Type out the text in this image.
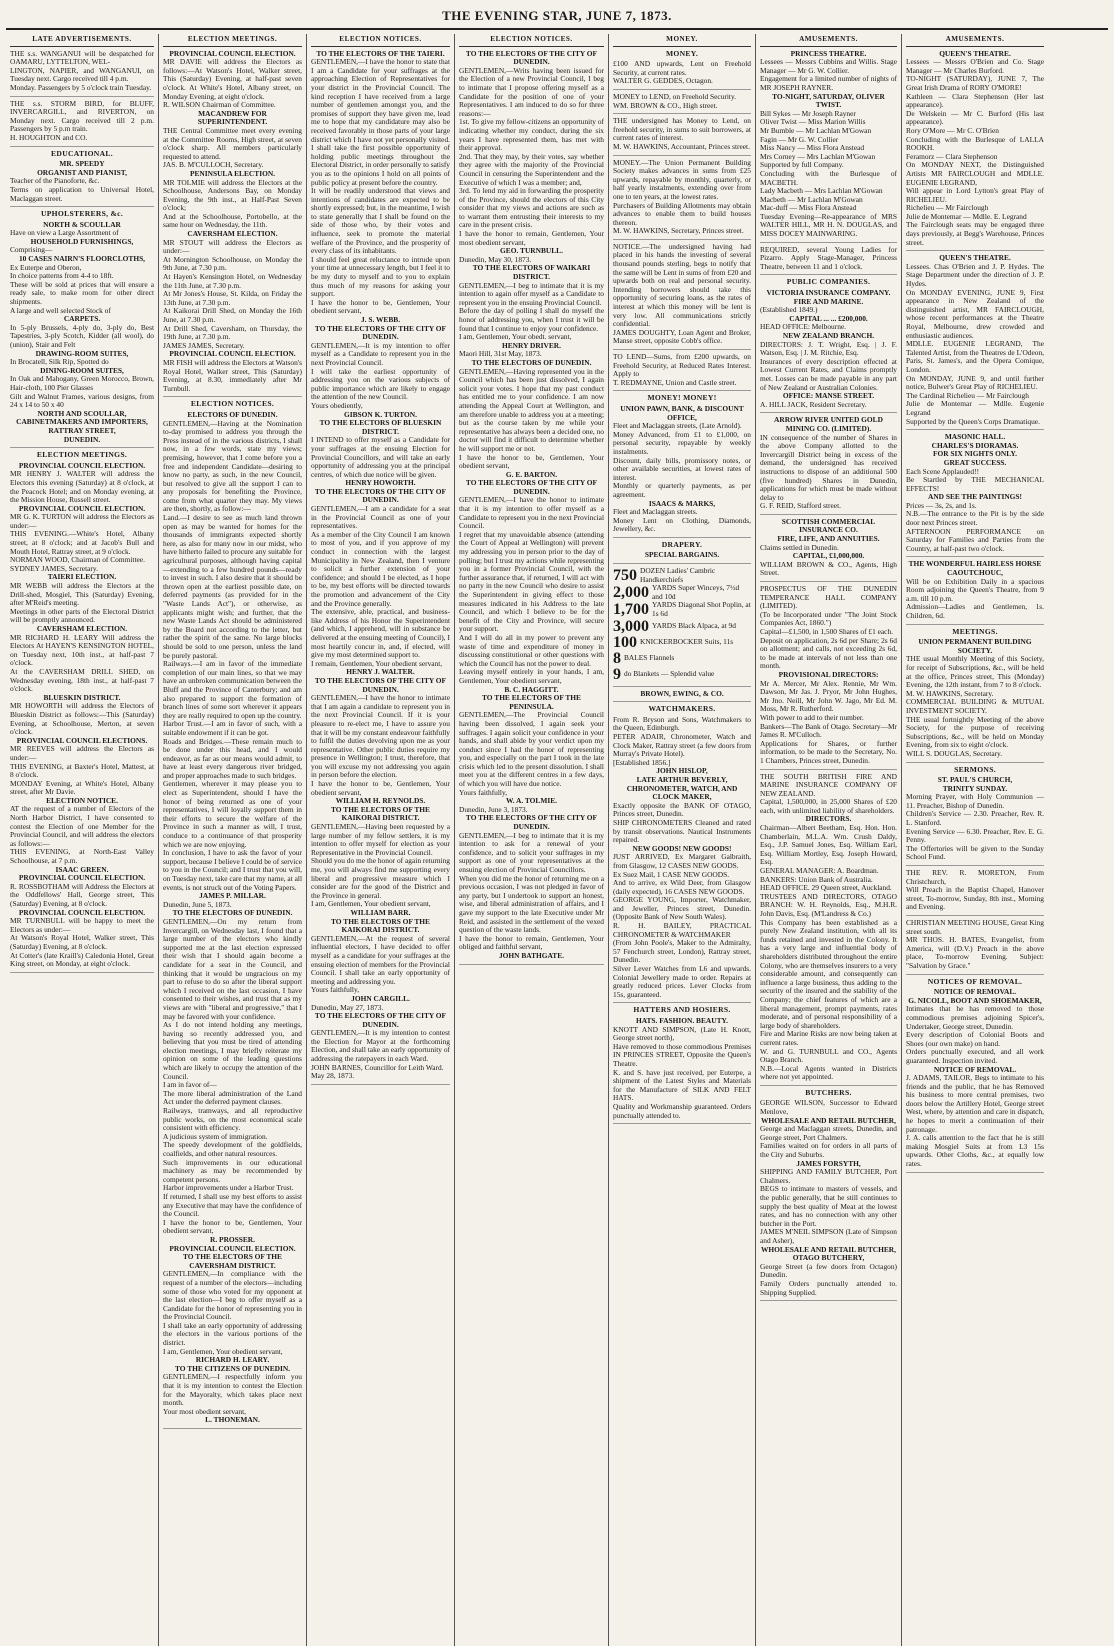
THE EVENING STAR, JUNE 7, 1873.
LATE ADVERTISEMENTS.
THE s.s. WANGANUI will be despatched for OAMARU, LYTTELTON, WEL-
LINGTON, NAPIER, and WANGANUI, on Tuesday next. Cargo received till 4 p.m.
Monday. Passengers by 5 o'clock train Tuesday.
THE s.s. STORM BIRD, for BLUFF, INVERCARGILL, and RIVERTON, on Monday next. Cargo received till 2 p.m. Passengers by 5 p.m train.
H. HOUGHTON and CO.
EDUCATIONAL.
MR. SPEEDY
ORGANIST AND PIANIST,
Teacher of the Pianoforte, &c.
Terms on application to Universal Hotel, Maclaggan street.
UPHOLSTERERS, &c.
NORTH & SCOULLAR
Have on view a Large Assortment of
HOUSEHOLD FURNISHINGS,
Comprising—
10 CASES NAIRN'S FLOORCLOTHS,
Ex Euterpe and Oberon,
In choice patterns from 4-4 to 18ft.
These will be sold at prices that will ensure a ready sale, to make room for other direct shipments.
A large and well selected Stock of
CARPETS.
In 5-ply Brussels, 4-ply do, 3-ply do, Best Tapestries, 3-ply Scotch, Kidder (all wool), do (union), Stair and Felt
DRAWING-ROOM SUITES,
In Brocatell, Silk Rip, Spotted do
DINING-ROOM SUITES,
In Oak and Mahogany, Green Morocco, Brown, Hair-cloth, 100 Pier Glasses
Gilt and Walnut Frames, various designs, from 24 x 14 to 50 x 40
NORTH AND SCOULLAR,
CABINETMAKERS AND IMPORTERS,
RATTRAY STREET,
DUNEDIN.
ELECTION MEETINGS.
PROVINCIAL COUNCIL ELECTION.
MR HENRY J. WALTER will address the Electors this evening (Saturday) at 8 o'clock, at the Peacock Hotel; and on Monday evening, at the Mission House, Russell street.
PROVINCIAL COUNCIL ELECTION.
MR G. K. TURTON will address the Electors as under:—
THIS EVENING.—White's Hotel, Albany street, at 8 o'clock; and at Jacob's Bull and Mouth Hotel, Rattray street, at 9 o'clock.
NORMAN WOOD, Chairman of Committee.
SYDNEY JAMES, Secretary.
TAIERI ELECTION.
MR WEBB will address the Electors at the Drill-shed, Mosgiel, This (Saturday) Evening, after M'Reid's meeting.
Meetings in other parts of the Electoral District will be promptly announced.
CAVERSHAM ELECTION.
MR RICHARD H. LEARY Will address the Electors At HAYEN'S KENSINGTON HOTEL, on Tuesday next, 10th inst., at half-past 7 o'clock.
At the CAVERSHAM DRILL SHED, on Wednesday evening, 18th inst., at half-past 7 o'clock.
BLUESKIN DISTRICT.
MR HOWORTH will address the Electors of Blueskin District as follows:—This (Saturday) Evening, at Schoolhouse, Merton, at seven o'clock.
PROVINCIAL COUNCIL ELECTIONS.
MR REEVES will address the Electors as under:—
THIS EVENING, at Baxter's Hotel, Mattest, at 8 o'clock.
MONDAY Evening, at White's Hotel, Albany street, after Mr Davie.
ELECTION NOTICE.
AT the request of a number of Electors of the North Harbor District, I have consented to contest the Election of one Member for the Provincial Council, and will address the electors as follows:—
THIS EVENING, at North-East Valley Schoolhouse, at 7 p.m.
ISAAC GREEN.
PROVINCIAL COUNCIL ELECTION.
R. ROSSBOTHAM will Address the Electors at the Oddfellows' Hall, George street, This (Saturday) Evening, at 8 o'clock.
PROVINCIAL COUNCIL ELECTION.
MR TURNBULL will be happy to meet the Electors as under:—
At Watson's Royal Hotel, Walker street, This (Saturday) Evening, at 8 o'clock.
At Cotter's (late Kraill's) Caledonia Hotel, Great King street, on Monday, at eight o'clock.
ELECTION MEETINGS.
PROVINCIAL COUNCIL ELECTION.
MR DAVIE will address the Electors as follows:—At Watson's Hotel, Walker street, This (Saturday) Evening, at half-past seven o'clock. At White's Hotel, Albany street, on Monday Evening, at eight o'clock.
R. WILSON Chairman of Committee.
MACANDREW FOR SUPERINTENDENT.
THE Central Committee meet every evening at the Committee Rooms, High street, at seven o'clock sharp. All members particularly requested to attend.
JAS. B. M'CULLOCH, Secretary.
PENINSULA ELECTION.
MR TOLMIE will address the Electors at the Schoolhouse, Andersons Bay, on Monday Evening, the 9th inst., at Half-Past Seven o'clock;
And at the Schoolhouse, Portobello, at the same hour on Wednesday, the 11th.
CAVERSHAM ELECTION.
MR STOUT will address the Electors as under:—
At Mornington Schoolhouse, on Monday the 9th June, at 7.30 p.m.
At Hayen's Kensington Hotel, on Wednesday the 11th June, at 7.30 p.m.
At Mr Jones's House, St. Kilda, on Friday the 13th June, at 7.30 p.m.
At Kaikorai Drill Shed, on Monday the 16th June, at 7.30 p.m.
At Drill Shed, Caversham, on Thursday, the 19th June, at 7.30 p.m.
JAMES JAMES, Secretary.
PROVINCIAL COUNCIL ELECTION.
MR FISH will address the Electors at Watson's Royal Hotel, Walker street, This (Saturday) Evening, at 8.30, immediately after Mr Turnbull.
ELECTION NOTICES.
ELECTORS OF DUNEDIN.
GENTLEMEN,—Having at the Nomination to-day promised to address you through the Press instead of in the various districts, I shall now, in a few words, state my views; premising, however, that I come before you a free and independent Candidate—desiring to know no party, as such, in the new Council, but resolved to give all the support I can to any proposals for benefiting the Province, come from what quarter they may. My views are then, shortly, as follow:—
Land.—I desire to see as much land thrown open as may be wanted for homes for the thousands of immigrants expected shortly here, as also for many now in our midst, who have hitherto failed to procure any suitable for agricultural purposes, although having capital—extending to a few hundred pounds—ready to invest in such. I also desire that it should be thrown open at the earliest possible date, on deferred payments (as provided for in the "Waste Lands Act"), or otherwise, as applicants might wish; and further, that the new Waste Lands Act should be administered by the Board not according to the letter, but rather the spirit of the same. No large blocks should be sold to one person, unless the land be purely pastoral.
Railways.—I am in favor of the immediate completion of our main lines, so that we may have an unbroken communication between the Bluff and the Province of Canterbury; and am also prepared to support the formation of branch lines of some sort wherever it appears they are really required to open up the country.
Harbor Trust.—I am in favor of such, with a suitable endowment if it can be got.
Roads and Bridges.—These remain much to be done under this head, and I would endeavor, as far as our means would admit, to have at least every dangerous river bridged, and proper approaches made to such bridges.
Gentlemen, wherever it may please you to elect as Superintendent, should I have the honor of being returned as one of your representatives, I will loyally support them in their efforts to secure the welfare of the Province in such a manner as will, I trust, conduce to a continuance of that prosperity which we are now enjoying.
In conclusion, I have to ask the favor of your support, because I believe I could be of service to you in the Council; and I trust that you will, on Tuesday next, take care that my name, at all events, is not struck out of the Voting Papers.
JAMES P. MILLAR.
Dunedin, June 5, 1873.
TO THE ELECTORS OF DUNEDIN.
GENTLEMEN,—On my return from Invercargill, on Wednesday last, I found that a large number of the electors who kindly supported me at the last election expressed their wish that I should again become a candidate for a seat in the Council, and thinking that it would be ungracious on my part to refuse to do so after the liberal support which I received on the last occasion, I have consented to their wishes, and trust that as my views are with "liberal and progressive," that I may be favored with your confidence.
As I do not intend holding any meetings, having so recently addressed you, and believing that you must be tired of attending election meetings, I may briefly reiterate my opinion on some of the leading questions which are likely to occupy the attention of the Council.
I am in favor of—
The more liberal administration of the Land Act under the deferred payment clauses.
Railways, tramways, and all reproductive public works, on the most economical scale consistent with efficiency.
A judicious system of immigration.
The speedy development of the goldfields, coalfields, and other natural resources.
Such improvements in our educational machinery as may be recommended by competent persons.
Harbor improvements under a Harbor Trust.
If returned, I shall use my best efforts to assist any Executive that may have the confidence of the Council.
I have the honor to be, Gentlemen, Your obedient servant,
R. PROSSER.
PROVINCIAL COUNCIL ELECTION.
TO THE ELECTORS OF THE CAVERSHAM DISTRICT.
GENTLEMEN,—In compliance with the request of a number of the electors—including some of those who voted for my opponent at the last election—I beg to offer myself as a Candidate for the honor of representing you in the Provincial Council.
I shall take an early opportunity of addressing the electors in the various portions of the district.
I am, Gentlemen, Your obedient servant,
RICHARD H. LEARY.
TO THE CITIZENS OF DUNEDIN.
GENTLEMEN,—I respectfully inform you that it is my intention to contest the Election for the Mayoralty, which takes place next month.
Your most obedient servant,
L. THONEMAN.
ELECTION NOTICES.
TO THE ELECTORS OF THE TAIERI.
GENTLEMEN,—I have the honor to state that I am a Candidate for your suffrages at the approaching Election of Representatives for your district in the Provincial Council. The kind reception I have received from a large number of gentlemen amongst you, and the promises of support they have given me, lead me to hope that my candidature may also be received favorably in those parts of your large district which I have not yet personally visited. I shall take the first possible opportunity of holding public meetings throughout the Electoral District, in order personally to satisfy you as to the opinions I hold on all points of public policy at present before the country.
It will be readily understood that views and intentions of candidates are expected to be shortly expressed; but, in the meantime, I wish to state generally that I shall be found on the side of those who, by their votes and influence, seek to promote the material welfare of the Province, and the prosperity of every class of its inhabitants.
I should feel great reluctance to intrude upon your time at unnecessary length, but I feel it to be my duty to myself and to you to explain thus much of my reasons for asking your support.
I have the honor to be, Gentlemen, Your obedient servant,
J. S. WEBB.
TO THE ELECTORS OF THE CITY OF DUNEDIN.
GENTLEMEN,—It is my intention to offer myself as a Candidate to represent you in the next Provincial Council.
I will take the earliest opportunity of addressing you on the various subjects of public importance which are likely to engage the attention of the new Council.
Yours obediently,
GIBSON K. TURTON.
TO THE ELECTORS OF BLUESKIN DISTRICT.
I INTEND to offer myself as a Candidate for your suffrages at the ensuing Election for Provincial Councillors, and will take an early opportunity of addressing you at the principal centres, of which due notice will be given.
HENRY HOWORTH.
TO THE ELECTORS OF THE CITY OF DUNEDIN.
GENTLEMEN,—I am a candidate for a seat in the Provincial Council as one of your representatives.
As a member of the City Council I am known to most of you, and if you approve of my conduct in connection with the largest Municipality in New Zealand, then I venture to solicit a further extension of your confidence; and should I be elected, as I hope to be, my best efforts will be directed towards the promotion and advancement of the City and the Province generally.
The extensive, able, practical, and business-like Address of his Honor the Superintendent (and which, I apprehend, will in substance be delivered at the ensuing meeting of Council), I most heartily concur in, and, if elected, will give my most determined support to.
I remain, Gentlemen, Your obedient servant,
HENRY J. WALTER.
TO THE ELECTORS OF THE CITY OF DUNEDIN.
GENTLEMEN,—I have the honor to intimate that I am again a candidate to represent you in the next Provincial Council. If it is your pleasure to re-elect me, I have to assure you that it will be my constant endeavour faithfully to fulfil the duties devolving upon me as your representative. Other public duties require my presence in Wellington; I trust, therefore, that you will excuse my not addressing you again in person before the election.
I have the honor to be, Gentlemen, Your obedient servant,
WILLIAM H. REYNOLDS.
TO THE ELECTORS OF THE KAIKORAI DISTRICT.
GENTLEMEN,—Having been requested by a large number of my fellow settlers, it is my intention to offer myself for election as your Representative in the Provincial Council.
Should you do me the honor of again returning me, you will always find me supporting every liberal and progressive measure which I consider are for the good of the District and the Province in general.
I am, Gentlemen, Your obedient servant,
WILLIAM BARR.
TO THE ELECTORS OF THE KAIKORAI DISTRICT.
GENTLEMEN,—At the request of several influential electors, I have decided to offer myself as a candidate for your suffrages at the ensuing election of members for the Provincial Council. I shall take an early opportunity of meeting and addressing you.
Yours faithfully,
JOHN CARGILL.
Dunedin, May 27, 1873.
TO THE ELECTORS OF THE CITY OF DUNEDIN.
GENTLEMEN,—It is my intention to contest the Election for Mayor at the forthcoming Election, and shall take an early opportunity of addressing the ratepayers in each Ward.
JOHN BARNES, Councillor for Leith Ward.
May 28, 1873.
ELECTION NOTICES.
TO THE ELECTORS OF THE CITY OF DUNEDIN.
GENTLEMEN,—Writs having been issued for the Election of a new Provincial Council, I beg to intimate that I propose offering myself as a Candidate for the position of one of your Representatives. I am induced to do so for three reasons:—
1st. To give my fellow-citizens an opportunity of indicating whether my conduct, during the six years I have represented them, has met with their approval.
2nd. That they may, by their votes, say whether they agree with the majority of the Provincial Council in censuring the Superintendent and the Executive of which I was a member; and,
3rd. To lend my aid in forwarding the prosperity of the Province, should the electors of this City consider that my views and actions are such as to warrant them entrusting their interests to my care in the present crisis.
I have the honor to remain, Gentlemen, Your most obedient servant,
GEO. TURNBULL.
Dunedin, May 30, 1873.
TO THE ELECTORS OF WAIKARI DISTRICT.
GENTLEMEN,—I beg to intimate that it is my intention to again offer myself as a Candidate to represent you in the ensuing Provincial Council.
Before the day of polling I shall do myself the honor of addressing you, when I trust it will be found that I continue to enjoy your confidence.
I am, Gentlemen, Your obedt. servant,
HENRY DRIVER.
Maori Hill, 31st May, 1873.
TO THE ELECTORS OF DUNEDIN.
GENTLEMEN,—Having represented you in the Council which has been just dissolved, I again solicit your votes. I hope that my past conduct has entitled me to your confidence. I am now attending the Appeal Court at Wellington, and am therefore unable to address you at a meeting; but as the course taken by me while your representative has always been a decided one, no doctor will find it difficult to determine whether he will support me or not.
I have the honor to be, Gentlemen, Your obedient servant,
G. E. BARTON.
TO THE ELECTORS OF THE CITY OF DUNEDIN.
GENTLEMEN,—I have the honor to intimate that it is my intention to offer myself as a Candidate to represent you in the next Provincial Council.
I regret that my unavoidable absence (attending the Court of Appeal at Wellington) will prevent my addressing you in person prior to the day of polling; but I trust my actions while representing you in a former Provincial Council, with the further assurance that, if returned, I will act with no party in the new Council who desire to assist the Superintendent in giving effect to those measures indicated in his Address to the late Council, and which I believe to be for the benefit of the City and Province, will secure your support.
And I will do all in my power to prevent any waste of time and expenditure of money in discussing constitutional or other questions with which the Council has not the power to deal.
Leaving myself entirely in your hands, I am, Gentlemen, Your obedient servant,
B. C. HAGGITT.
TO THE ELECTORS OF THE PENINSULA.
GENTLEMEN,—The Provincial Council having been dissolved, I again seek your suffrages. I again solicit your confidence in your hands, and shall abide by your verdict upon my conduct since I had the honor of representing you, and especially on the part I took in the late crisis which led to the present dissolution. I shall meet you at the different centres in a few days, of which you will have due notice.
Yours faithfully,
W. A. TOLMIE.
Dunedin, June 3, 1873.
TO THE ELECTORS OF THE CITY OF DUNEDIN.
GENTLEMEN,—I beg to intimate that it is my intention to ask for a renewal of your confidence, and to solicit your suffrages in my support as one of your representatives at the ensuing election of Provincial Councillors.
When you did me the honor of returning me on a previous occasion, I was not pledged in favor of any party, but I undertook to support an honest, wise, and liberal administration of affairs, and I gave my support to the late Executive under Mr Reid, and assisted in the settlement of the vexed question of the waste lands.
I have the honor to remain, Gentlemen, Your obliged and faithful servant,
JOHN BATHGATE.
MONEY.
MONEY.
£100 AND upwards, Lent on Freehold Security, at current rates.
WALTER G. GEDDES, Octagon.
MONEY to LEND, on Freehold Security.
WM. BROWN & CO., High street.
THE undersigned has Money to Lend, on freehold security, in sums to suit borrowers, at current rates of interest.
M. W. HAWKINS, Accountant, Princes street.
MONEY.—The Union Permanent Building Society makes advances in sums from £25 upwards, repayable by monthly, quarterly, or half yearly instalments, extending over from one to ten years, at the lowest rates.
Purchasers of Building Allotments may obtain advances to enable them to build houses thereon.
M. W. HAWKINS, Secretary, Princes street.
NOTICE.—The undersigned having had placed in his hands the investing of several thousand pounds sterling, begs to notify that the same will be Lent in sums of from £20 and upwards both on real and personal security. Intending borrowers should take this opportunity of securing loans, as the rates of interest at which this money will be lent is very low. All communications strictly confidential.
JAMES DOUGHTY, Loan Agent and Broker, Manse street, opposite Cobb's office.
TO LEND—Sums, from £200 upwards, on Freehold Security, at Reduced Rates Interest. Apply to
T. REDMAYNE, Union and Castle street.
MONEY! MONEY!
UNION PAWN, BANK, & DISCOUNT OFFICE,
Fleet and Maclaggan streets, (Late Arnold).
Money Advanced, from £1 to £1,000, on personal security, repayable by weekly instalments.
Discount, daily bills, promissory notes, or other available securities, at lowest rates of interest.
Monthly or quarterly payments, as per agreement.
ISAACS & MARKS,
Fleet and Maclaggan streets.
Money Lent on Clothing, Diamonds, Jewellery, &c.
DRAPERY.
SPECIAL BARGAINS.
750 DOZEN Ladies' Cambric Handkerchiefs
2,000 YARDS Super Winceys, 7½d and 10d
1,700 YARDS Diagonal Shot Poplin, at 1s 6d
3,000 YARDS Black Alpaca, at 9d
100 KNICKERBOCKER Suits, 11s
8 BALES Flannels
9 do Blankets — Splendid value
BROWN, EWING, & CO.
WATCHMAKERS.
From R. Bryson and Sons, Watchmakers to the Queen, Edinburgh.
PETER ADAIR, Chronometer, Watch and Clock Maker, Rattray street (a few doors from Murray's Private Hotel).
[Established 1856.]
JOHN HISLOP,
LATE ARTHUR BEVERLY,
CHRONOMETER, WATCH, AND CLOCK MAKER,
Exactly opposite the BANK OF OTAGO, Princes street, Dunedin.
SHIP CHRONOMETERS Cleaned and rated by transit observations. Nautical Instruments repaired.
NEW GOODS! NEW GOODS!
JUST ARRIVED, Ex Margaret Galbraith, from Glasgow, 12 CASES NEW GOODS.
Ex Suez Mail, 1 CASE NEW GOODS.
And to arrive, ex Wild Deer, from Glasgow (daily expected), 16 CASES NEW GOODS.
GEORGE YOUNG, Importer, Watchmaker, and Jeweller, Princes street, Dunedin. (Opposite Bank of New South Wales).
R. H. BAILEY, PRACTICAL CHRONOMETER & WATCHMAKER
(From John Poole's, Maker to the Admiralty, 57 Fenchurch street, London), Rattray street, Dunedin.
Silver Lever Watches from L6 and upwards. Colonial Jewellery made to order. Repairs at greatly reduced prices. Lever Clocks from 15s, guaranteed.
HATTERS AND HOSIERS.
HATS. FASHION. BEAUTY.
KNOTT AND SIMPSON, (Late H. Knott, George street north),
Have removed to those commodious Premises IN PRINCES STREET, Opposite the Queen's Theatre.
K. and S. have just received, per Euterpe, a shipment of the Latest Styles and Materials for the Manufacture of SILK AND FELT HATS.
Quality and Workmanship guaranteed. Orders punctually attended to.
AMUSEMENTS.
PRINCESS THEATRE.
Lessees — Messrs Cubbins and Willis. Stage Manager — Mr G. W. Collier.
Engagement for a limited number of nights of MR JOSEPH RAYNER.
TO-NIGHT, SATURDAY, OLIVER TWIST.
Bill Sykes — Mr Joseph Rayner
Oliver Twist — Miss Marion Willis
Mr Bumble — Mr Lachlan M'Gowan
Fagin — Mr G. W. Collier
Miss Nancy — Miss Flora Anstead
Mrs Corney — Mrs Lachlan M'Gowan
Supported by full Company.
Concluding with the Burlesque of MACBETH.
Lady Macbeth — Mrs Lachlan M'Gowan
Macbeth — Mr Lachlan M'Gowan
Mac-duff — Miss Flora Anstead
Tuesday Evening—Re-appearance of MRS WALTER HILL, MR H. N. DOUGLAS, and MISS DOCEY MAINWARING.
REQUIRED, several Young Ladies for Pizarro. Apply Stage-Manager, Princess Theatre, between 11 and 1 o'clock.
PUBLIC COMPANIES.
VICTORIA INSURANCE COMPANY.
FIRE AND MARINE.
(Established 1849.)
CAPITAL ... ... £200,000.
HEAD OFFICE: Melbourne.
NEW ZEALAND BRANCH.
DIRECTORS: J. T. Wright, Esq. | J. F. Watson, Esq. | J. M. Ritchie, Esq.
Insurances of every description effected at Lowest Current Rates, and Claims promptly met. Losses can be made payable in any part of New Zealand or Australian Colonies.
OFFICE: MANSE STREET.
A. HILL JACK, Resident Secretary.
ARROW RIVER UNITED GOLD MINING CO. (LIMITED).
IN consequence of the number of Shares in the above Company allotted to the Invercargill District being in excess of the demand, the undersigned has received instructions to dispose of an additional 500 (five hundred) Shares in Dunedin, applications for which must be made without delay to
G. F. REID, Stafford street.
SCOTTISH COMMERCIAL INSURANCE CO.
FIRE, LIFE, AND ANNUITIES.
Claims settled in Dunedin.
CAPITAL, £1,000,000.
WILLIAM BROWN & CO., Agents, High Street.
PROSPECTUS OF THE DUNEDIN TEMPERANCE HALL COMPANY (LIMITED).
(To be Incorporated under "The Joint Stock Companies Act, 1860.")
Capital—£1,500, in 1,500 Shares of £1 each.
Deposit on application, 2s 6d per Share; 2s 6d on allotment; and calls, not exceeding 2s 6d, to be made at intervals of not less than one month.
PROVISIONAL DIRECTORS:
Mr A. Mercer, Mr Alex. Rennie, Mr Wm. Dawson, Mr Jas. J. Pryor, Mr John Hughes, Mr Jno. Neill, Mr John W. Jago, Mr Ed. M. Moss, Mr R. Rutherford.
With power to add to their number.
Bankers—The Bank of Otago. Secretary—Mr James R. M'Culloch.
Applications for Shares, or further information, to be made to the Secretary, No. 1 Chambers, Princes street, Dunedin.
THE SOUTH BRITISH FIRE AND MARINE INSURANCE COMPANY OF NEW ZEALAND.
Capital, 1,500,000, in 25,000 Shares of £20 each, with unlimited liability of shareholders.
DIRECTORS.
Chairman—Albert Beetham, Esq. Hon. Hon. Chamberlain, M.L.A. Wm. Crush Daldy, Esq., J.P. Samuel Jones, Esq. William Earl, Esq. William Mortley, Esq. Joseph Howard, Esq.
GENERAL MANAGER: A. Boardman.
BANKERS: Union Bank of Australia.
HEAD OFFICE. 29 Queen street, Auckland.
TRUSTEES AND DIRECTORS, OTAGO BRANCH: W. H. Reynolds, Esq., M.H.R. John Davis, Esq. (M'Landress & Co.)
This Company has been established as a purely New Zealand institution, with all its funds retained and invested in the Colony. It has a very large and influential body of shareholders distributed throughout the entire Colony, who are themselves insurers to a very considerable amount, and consequently can influence a large business, thus adding to the security of the insured and the stability of the Company; the chief features of which are a liberal management, prompt payments, rates moderate, and of personal responsibility of a large body of shareholders.
Fire and Marine Risks are now being taken at current rates.
W. and G. TURNBULL and CO., Agents Otago Branch.
N.B.—Local Agents wanted in Districts where not yet appointed.
BUTCHERS.
GEORGE WILSON, Successor to Edward Menlove,
WHOLESALE AND RETAIL BUTCHER,
George and Maclaggan streets, Dunedin, and George street, Port Chalmers.
Families waited on for orders in all parts of the City and Suburbs.
JAMES FORSYTH,
SHIPPING AND FAMILY BUTCHER, Port Chalmers.
BEGS to intimate to masters of vessels, and the public generally, that he still continues to supply the best quality of Meat at the lowest rates, and has no connection with any other butcher in the Port.
JAMES M'NEIL SIMPSON (Late of Simpson and Asher),
WHOLESALE AND RETAIL BUTCHER, OTAGO BUTCHERY,
George Street (a few doors from Octagon) Dunedin.
Family Orders punctually attended to. Shipping Supplied.
AMUSEMENTS.
QUEEN'S THEATRE.
Lessees — Messrs O'Brien and Co. Stage Manager — Mr Charles Burford.
TO-NIGHT (SATURDAY), JUNE 7, The Great Irish Drama of RORY O'MORE!
Kathleen — Clara Stephenson (Her last appearance).
De Welskein — Mr C. Burford (His last appearance).
Rory O'More — Mr C. O'Brien
Concluding with the Burlesque of LALLA ROOKH.
Feramorz — Clara Stephenson
On MONDAY NEXT, the Distinguished Artists MR FAIRCLOUGH and MDLLE. EUGENIE LEGRAND,
Will appear in Lord Lytton's great Play of RICHELIEU.
Richelieu — Mr Fairclough
Julie de Montemar — Mdlle. E. Legrand
The Fairclough seats may be engaged three days previously, at Begg's Warehouse, Princes street.
QUEEN'S THEATRE.
Lessees. Chas O'Brien and J. P. Hydes. The Stage Department under the direction of J. P. Hydes.
On MONDAY EVENING, JUNE 9, First appearance in New Zealand of the distinguished artist, MR FAIRCLOUGH, whose recent performances at the Theatre Royal, Melbourne, drew crowded and enthusiastic audiences.
MDLLE. EUGENIE LEGRAND, The Talented Artist, from the Theatres de L'Odeon, Paris, St. James's, and the Opera Comique, London.
On MONDAY, JUNE 9, and until further notice, Bulwer's Great Play of RICHELIEU.
The Cardinal Richelieu — Mr Fairclough
Julie de Montemar — Mdlle. Eugenie Legrand
Supported by the Queen's Corps Dramatique.
MASONIC HALL.
CHARLES'S DIORAMAS.
FOR SIX NIGHTS ONLY.
GREAT SUCCESS.
Each Scene Applauded!!
Be Startled by THE MECHANICAL EFFECTS!
AND SEE THE PAINTINGS!
Prices — 3s, 2s, and 1s.
N.B.—The entrance to the Pit is by the side door next Princes street.
AFTERNOON PERFORMANCE on Saturday for Families and Parties from the Country, at half-past two o'clock.
THE WONDERFUL HAIRLESS HORSE
CAOUTCHOUC,
Will be on Exhibition Daily in a spacious Room adjoining the Queen's Theatre, from 9 a.m. till 10 p.m.
Admission—Ladies and Gentlemen, 1s. Children, 6d.
MEETINGS.
UNION PERMANENT BUILDING SOCIETY.
THE usual Monthly Meeting of this Society, for receipt of Subscriptions, &c., will be held at the office, Princes street, This (Monday) Evening, the 12th instant, from 7 to 8 o'clock.
M. W. HAWKINS, Secretary.
COMMERCIAL BUILDING & MUTUAL INVESTMENT SOCIETY.
THE usual fortnightly Meeting of the above Society, for the purpose of receiving Subscriptions, &c., will be held on Monday Evening, from six to eight o'clock.
WILL S. DOUGLAS, Secretary.
SERMONS.
ST. PAUL'S CHURCH,
TRINITY SUNDAY.
Morning Prayer, with Holy Communion — 11. Preacher, Bishop of Dunedin.
Children's Service — 2.30. Preacher, Rev. R. L. Stanford.
Evening Service — 6.30. Preacher, Rev. E. G. Penny.
The Offertories will be given to the Sunday School Fund.
THE REV. R. MORETON, From Christchurch,
Will Preach in the Baptist Chapel, Hanover street, To-morrow, Sunday, 8th inst., Morning and Evening.
CHRISTIAN MEETING HOUSE, Great King street south.
MR THOS. H. BATES, Evangelist, from America, will (D.V.) Preach in the above place, To-morrow Evening. Subject: "Salvation by Grace."
NOTICES OF REMOVAL.
NOTICE OF REMOVAL.
G. NICOLL, BOOT AND SHOEMAKER,
Intimates that he has removed to those commodious premises adjoining Spicer's, Undertaker, George street, Dunedin.
Every description of Colonial Boots and Shoes (our own make) on hand.
Orders punctually executed, and all work guaranteed. Inspection invited.
NOTICE OF REMOVAL.
J. ADAMS, TAILOR, Begs to intimate to his friends and the public, that he has Removed his business to more central premises, two doors below the Artillery Hotel, George street West, where, by attention and care in dispatch, he hopes to merit a continuation of their patronage.
J. A. calls attention to the fact that he is still making Mosgiel Suits at from L3 15s upwards. Other Cloths, &c., at equally low rates.
